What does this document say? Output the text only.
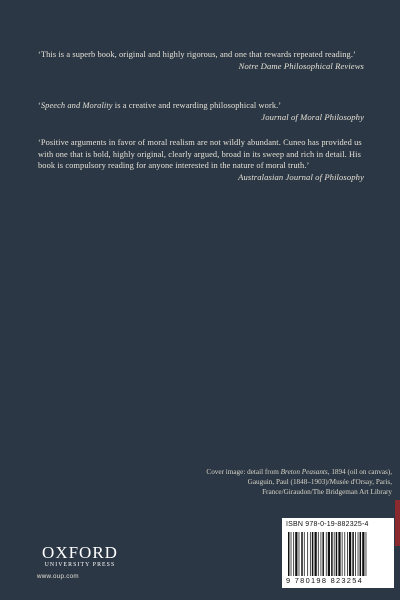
‘This is a superb book, original and highly rigorous, and one that rewards repeated reading.’

Notre Dame Philosophical Reviews

‘Speech and Morality is a creative and rewarding philosophical work.’

Journal of Moral Philosophy

‘Positive arguments in favor of moral realism are not wildly abundant. Cuneo has provided us with one that is bold, highly original, clearly argued, broad in its sweep and rich in detail. His book is compulsory reading for anyone interested in the nature of moral truth.’

Australasian Journal of Philosophy

Cover image: detail from Breton Peasants, 1894 (oil on canvas), Gauguin, Paul (1848–1903)/Musée d'Orsay, Paris, France/Giraudon/The Bridgeman Art Library
OXFORD
UNIVERSITY PRESS
www.oup.com
ISBN 978-0-19-882325-4
9 780198 823254
